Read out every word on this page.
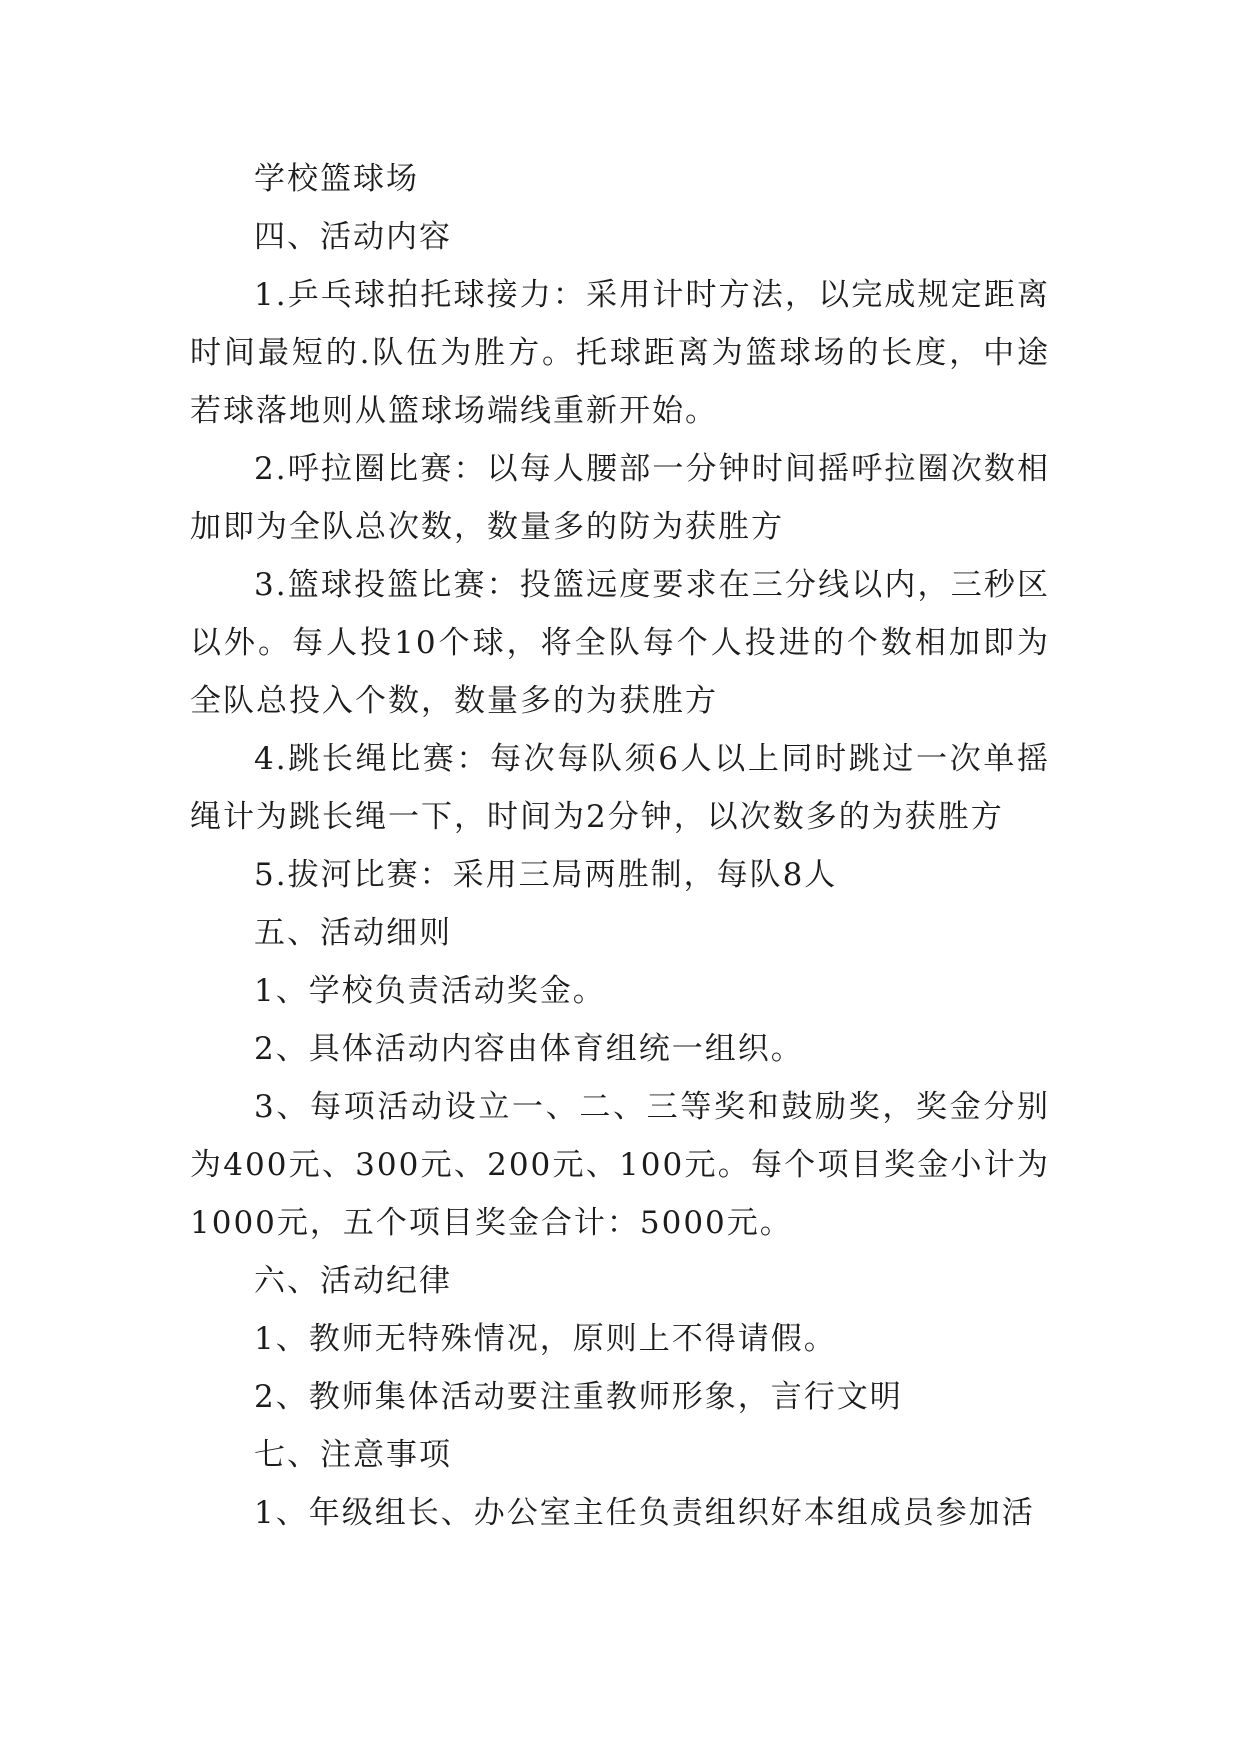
学校篮球场

四、活动内容

1.乒乓球拍托球接力：采用计时方法，以完成规定距离时间最短的.队伍为胜方。托球距离为篮球场的长度，中途若球落地则从篮球场端线重新开始。

2.呼拉圈比赛：以每人腰部一分钟时间摇呼拉圈次数相加即为全队总次数，数量多的防为获胜方

3.篮球投篮比赛：投篮远度要求在三分线以内，三秒区以外。每人投10个球，将全队每个人投进的个数相加即为全队总投入个数，数量多的为获胜方

4.跳长绳比赛：每次每队须6人以上同时跳过一次单摇绳计为跳长绳一下，时间为2分钟，以次数多的为获胜方

5.拔河比赛：采用三局两胜制，每队8人

五、活动细则

1、学校负责活动奖金。

2、具体活动内容由体育组统一组织。

3、每项活动设立一、二、三等奖和鼓励奖，奖金分别为400元、300元、200元、100元。每个项目奖金小计为1000元，五个项目奖金合计：5000元。

六、活动纪律

1、教师无特殊情况，原则上不得请假。

2、教师集体活动要注重教师形象，言行文明

七、注意事项

1、年级组长、办公室主任负责组织好本组成员参加活
